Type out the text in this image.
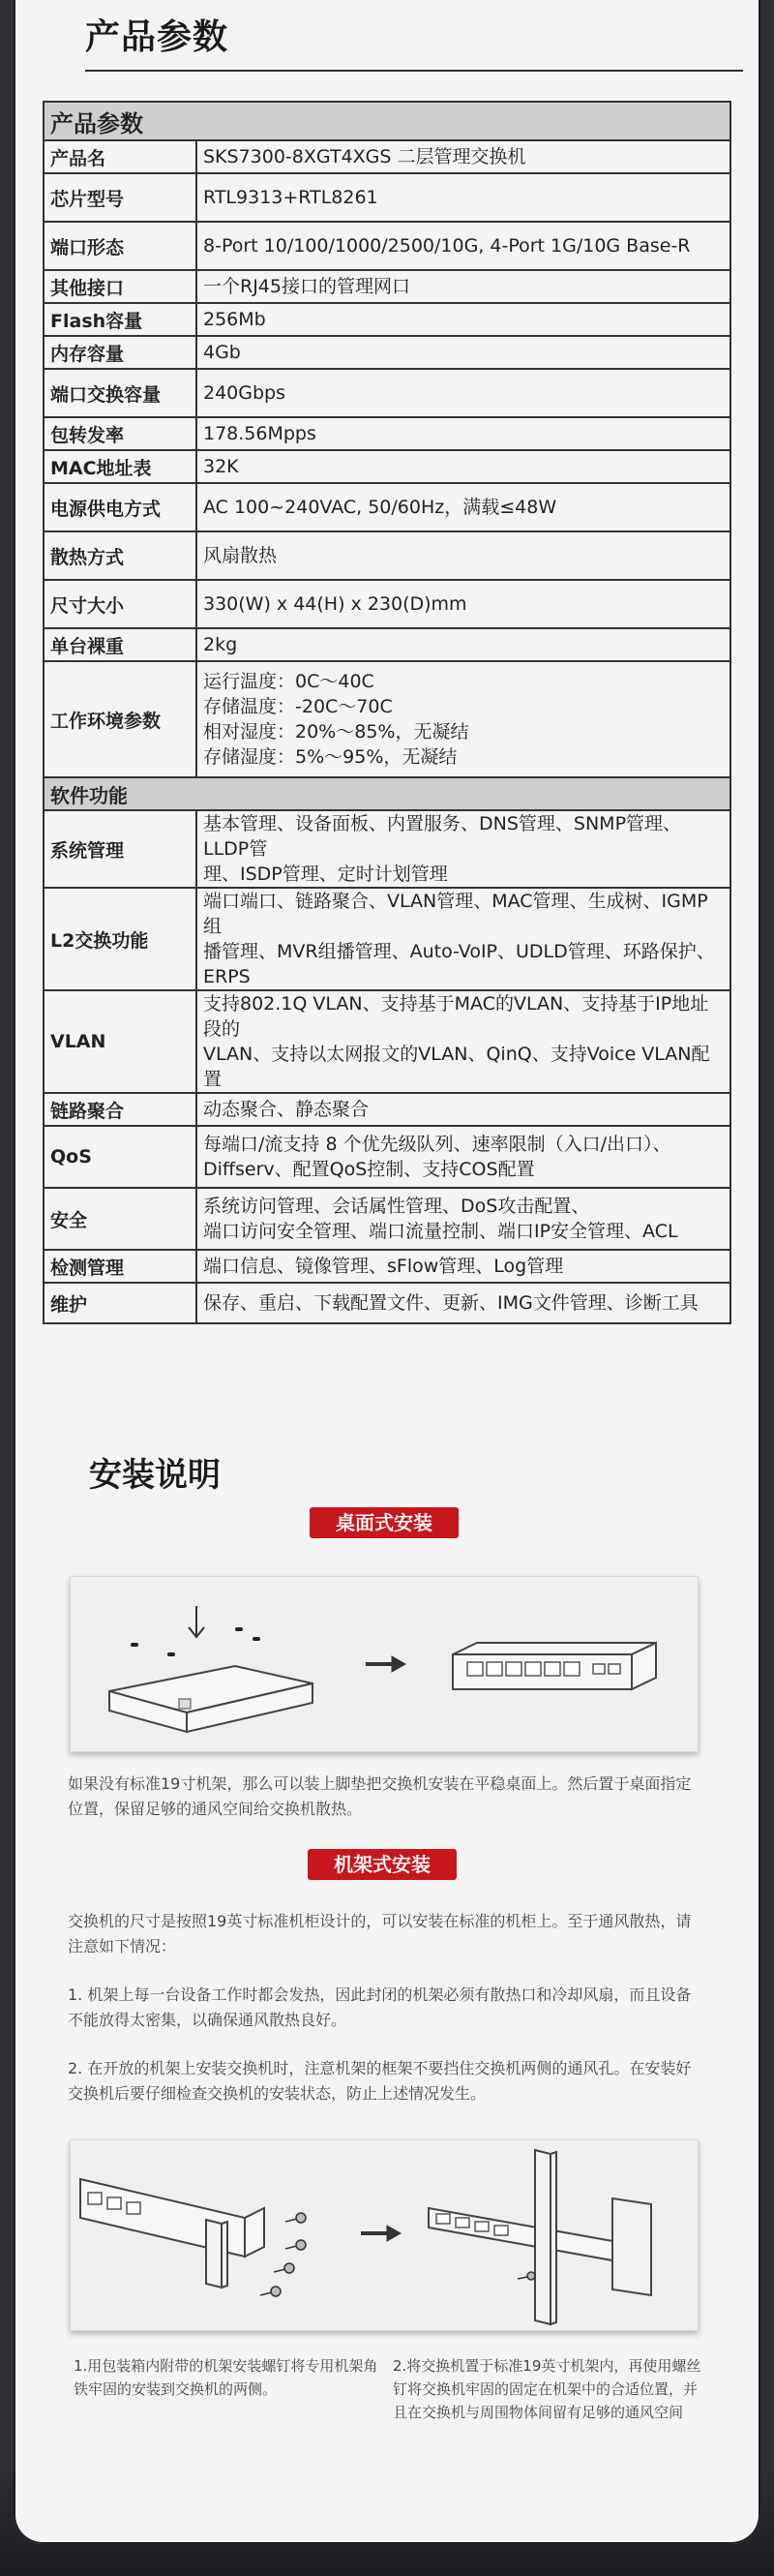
产品参数
产品参数	
产品名	SKS7300-8XGT4XGS 二层管理交换机

芯片型号	RTL9313+RTL8261

端口形态	8-Port 10/100/1000/2500/10G, 4-Port 1G/10G Base-R

其他接口	一个RJ45接口的管理网口

Flash容量	256Mb

内存容量	4Gb

端口交换容量	240Gbps

包转发率	178.56Mpps

MAC地址表	32K

电源供电方式	AC 100~240VAC, 50/60Hz，满载≤48W

散热方式	风扇散热

尺寸大小	330(W) x 44(H) x 230(D)mm

单台裸重	2kg

工作环境参数	运行温度：0C～40C
存储温度：-20C～70C
相对湿度：20%～85%，无凝结
存储湿度：5%～95%，无凝结

软件功能	
系统管理	基本管理、设备面板、内置服务、DNS管理、SNMP管理、LLDP管
理、ISDP管理、定时计划管理

L2交换功能	端口端口、链路聚合、VLAN管理、MAC管理、生成树、IGMP组
播管理、MVR组播管理、Auto-VoIP、UDLD管理、环路保护、
ERPS

VLAN	支持802.1Q VLAN、支持基于MAC的VLAN、支持基于IP地址段的
VLAN、支持以太网报文的VLAN、QinQ、支持Voice VLAN配置

链路聚合	动态聚合、静态聚合

QoS	每端口/流支持 8 个优先级队列、速率限制（入口/出口）、
Diffserv、配置QoS控制、支持COS配置

安全	系统访问管理、会话属性管理、DoS攻击配置、
端口访问安全管理、端口流量控制、端口IP安全管理、ACL

检测管理	端口信息、镜像管理、sFlow管理、Log管理

维护	保存、重启、下载配置文件、更新、IMG文件管理、诊断工具
安装说明
桌面式安装
如果没有标准19寸机架，那么可以装上脚垫把交换机安装在平稳桌面上。然后置于桌面指定位置，保留足够的通风空间给交换机散热。
机架式安装
交换机的尺寸是按照19英寸标准机柜设计的，可以安装在标准的机柜上。至于通风散热，请注意如下情况：
1. 机架上每一台设备工作时都会发热，因此封闭的机架必须有散热口和冷却风扇，而且设备不能放得太密集，以确保通风散热良好。
2. 在开放的机架上安装交换机时，注意机架的框架不要挡住交换机两侧的通风孔。在安装好交换机后要仔细检查交换机的安装状态，防止上述情况发生。
1.用包装箱内附带的机架安装螺钉将专用机架角铁牢固的安装到交换机的两侧。
2.将交换机置于标准19英寸机架内，再使用螺丝钉将交换机牢固的固定在机架中的合适位置，并且在交换机与周围物体间留有足够的通风空间
